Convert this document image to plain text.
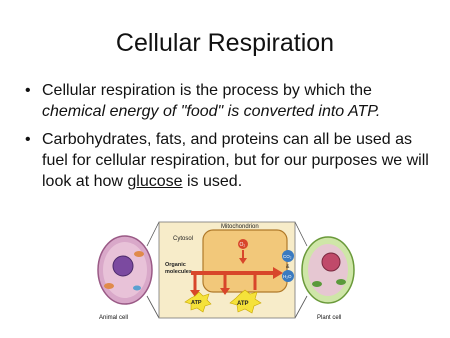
Cellular Respiration
• Cellular respiration is the process by which the chemical energy of "food" is converted into ATP.
• Carbohydrates, fats, and proteins can all be used as fuel for cellular respiration, but for our purposes we will look at how glucose is used.
Animal cell
Cytosol
Mitochondrion
O₂
Organic
molecules
CO₂
&
H₂O
ATP	ATP
Plant cell
